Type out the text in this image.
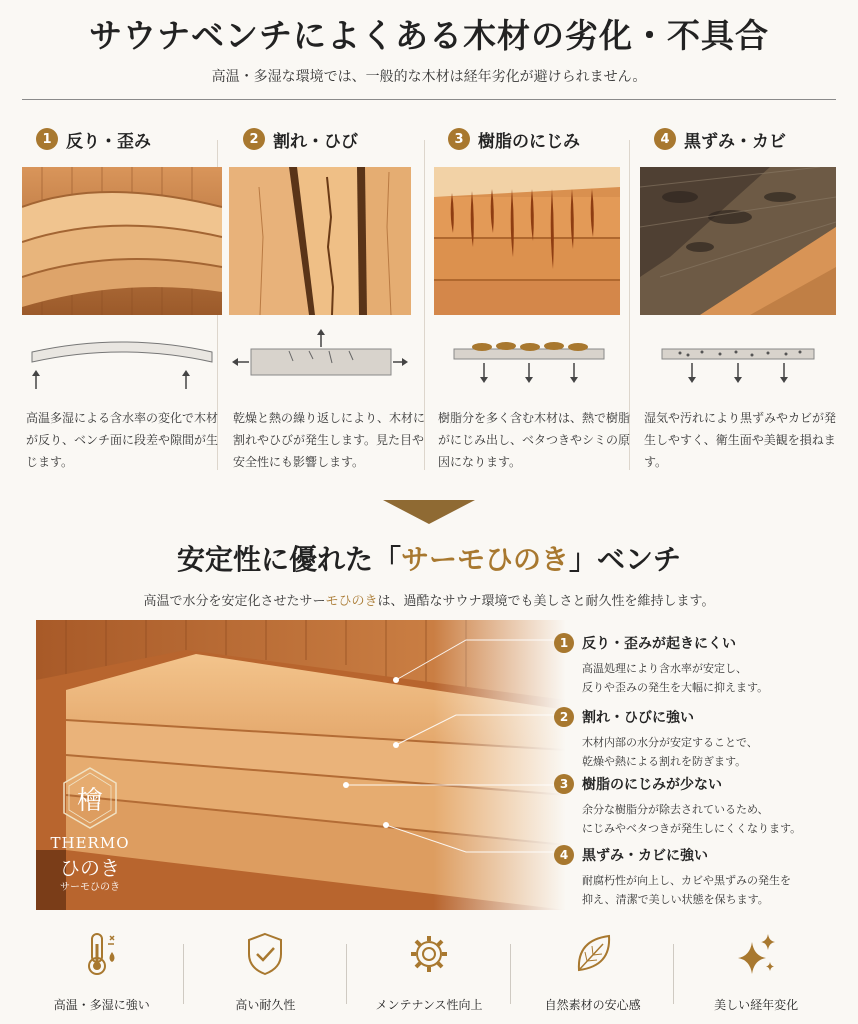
サウナベンチによくある木材の劣化・不具合
高温・多湿な環境では、一般的な木材は経年劣化が避けられません。
1 反り・歪み
高温多湿による含水率の変化で木材が反り、ベンチ面に段差や隙間が生じます。
2 割れ・ひび
乾燥と熱の繰り返しにより、木材に割れやひびが発生します。見た目や安全性にも影響します。
3 樹脂のにじみ
樹脂分を多く含む木材は、熱で樹脂がにじみ出し、ベタつきやシミの原因になります。
4 黒ずみ・カビ
湿気や汚れにより黒ずみやカビが発生しやすく、衛生面や美観を損ねます。
安定性に優れた「サーモひのき」ベンチ
高温で水分を安定化させたサーモひのきは、過酷なサウナ環境でも美しさと耐久性を維持します。
檜
THERMO
ひのき
サーモひのき
1 反り・歪みが起きにくい
高温処理により含水率が安定し、
反りや歪みの発生を大幅に抑えます。
2 割れ・ひびに強い
木材内部の水分が安定することで、
乾燥や熱による割れを防ぎます。
3 樹脂のにじみが少ない
余分な樹脂分が除去されているため、
にじみやベタつきが発生しにくくなります。
4 黒ずみ・カビに強い
耐腐朽性が向上し、カビや黒ずみの発生を
抑え、清潔で美しい状態を保ちます。
高温・多湿に強い	高い耐久性	メンテナンス性向上	自然素材の安心感	美しい経年変化
